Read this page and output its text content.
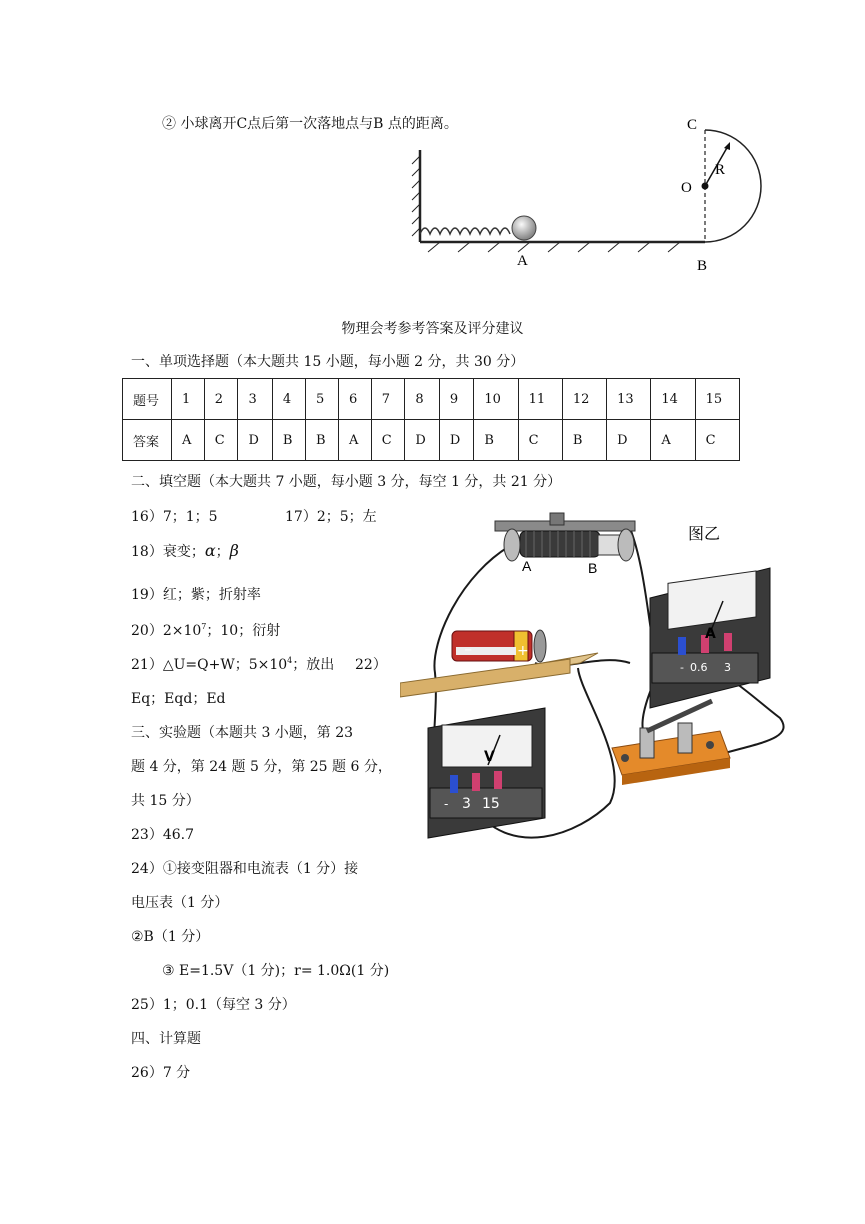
② 小球离开C点后第一次落地点与B 点的距离。	C
R
O
A	B
物理会考参考答案及评分建议
一、单项选择题（本大题共 15 小题，每小题 2 分，共 30 分）
题号	1	2	3	4	5	6	7	8	9	10	11	12	13	14	15
答案	A	C	D	B	B	A	C	D	D	B	C	B	D	A	C
二、填空题（本大题共 7 小题，每小题 3 分，每空 1 分，共 21 分）
16）7；1；5	17）2；5；左
18）衰变；α；β
19）红；紫；折射率
$20)2\times 10^7$；10；衍射
21）△U=Q+W；$5\times 10^4$；放出 22）
Eq；Eqd；Ed
三、实验题（本题共 3 小题，第 23
题 4 分，第 24 题 5 分，第 25 题 6 分，
共 15 分）
23）46.7
24）①接变阻器和电流表（1 分）接
电压表（1 分）
②B（1 分）
③ E=1.5V（1 分)；r= 1.0Ω(1 分)
25）1；0.1（每空 3 分）
四、计算题
26）7 分
A	B
图乙
−	+
A
- 0.6 3
V
- 3 15
